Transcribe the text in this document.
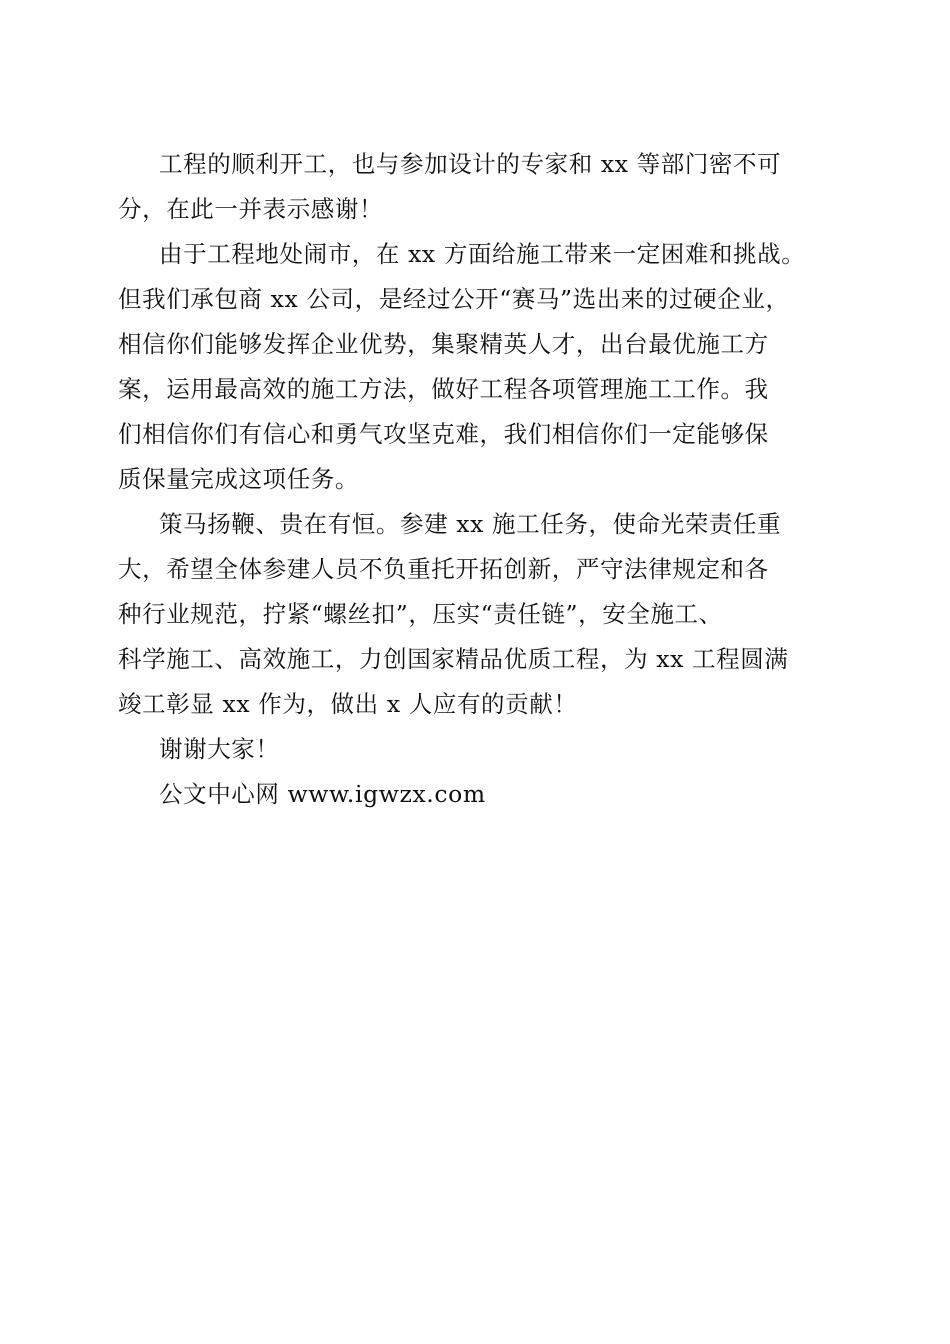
工程的顺利开工，也与参加设计的专家和 xx 等部门密不可
分，在此一并表示感谢！
由于工程地处闹市，在 xx 方面给施工带来一定困难和挑战。
但我们承包商 xx 公司，是经过公开“赛马”选出来的过硬企业，
相信你们能够发挥企业优势，集聚精英人才，出台最优施工方
案，运用最高效的施工方法，做好工程各项管理施工工作。我
们相信你们有信心和勇气攻坚克难，我们相信你们一定能够保
质保量完成这项任务。
策马扬鞭、贵在有恒。参建 xx 施工任务，使命光荣责任重
大，希望全体参建人员不负重托开拓创新，严守法律规定和各
种行业规范，拧紧“螺丝扣”，压实“责任链”，安全施工、
科学施工、高效施工，力创国家精品优质工程，为 xx 工程圆满
竣工彰显 xx 作为，做出 x 人应有的贡献！
谢谢大家！
公文中心网 www.igwzx.com
